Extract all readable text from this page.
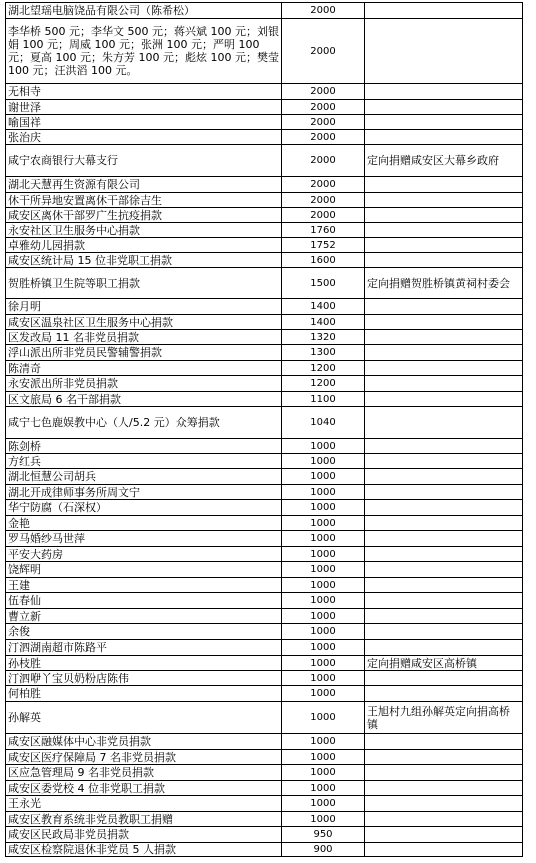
湖北望瑶电脑饶品有限公司（陈希松）	2000	
李华桥 500 元；李华文 500 元；蒋兴斌 100 元；刘银娟 100 元；周威 100 元；张洲 100 元；严明 100 元；夏高 100 元；朱方芳 100 元；彪炫 100 元；樊莹 100 元；汪洪滔 100 元。	2000	
无相寺	2000	
谢世泽	2000	
喻国祥	2000	
张治庆	2000	
咸宁农商银行大幕支行	2000	定向捐赠咸安区大幕乡政府
湖北天慧再生资源有限公司	2000	
休干所异地安置离休干部徐吉生	2000	
咸安区离休干部罗广生抗疫捐款	2000	
永安社区卫生服务中心捐款	1760	
卓雅幼儿园捐款	1752	
咸安区统计局 15 位非党职工捐款	1600	
贺胜桥镇卫生院等职工捐款	1500	定向捐赠贺胜桥镇黄祠村委会
徐月明	1400	
咸安区温泉社区卫生服务中心捐款	1400	
区发改局 11 名非党员捐款	1320	
浮山派出所非党员民警辅警捐款	1300	
陈清奇	1200	
永安派出所非党员捐款	1200	
区文旅局 6 名干部捐款	1100	
咸宁七色鹿娱教中心（人/5.2 元）众筹捐款	1040	
陈剑桥	1000	
方红兵	1000	
湖北恒慧公司胡兵	1000	
湖北开成律师事务所周文宁	1000	
华宁防腐（石深权）	1000	
金艳	1000	
罗马婚纱马世萍	1000	
平安大药房	1000	
饶辉明	1000	
王建	1000	
伍春仙	1000	
曹立新	1000	
余俊	1000	
汀泗湖南超市陈路平	1000	
孙枝胜	1000	定向捐赠咸安区高桥镇
汀泗咿丫宝贝奶粉店陈伟	1000	
何柏胜	1000	
孙解英	1000	王旭村九组孙解英定向捐高桥镇
咸安区融媒体中心非党员捐款	1000	
咸安区医疗保障局 7 名非党员捐款	1000	
区应急管理局 9 名非党员捐款	1000	
咸安区委党校 4 位非党职工捐款	1000	
王永光	1000	
咸安区教育系统非党员教职工捐赠	1000	
咸安区民政局非党员捐款	950	
咸安区检察院退休非党员 5 人捐款	900	
